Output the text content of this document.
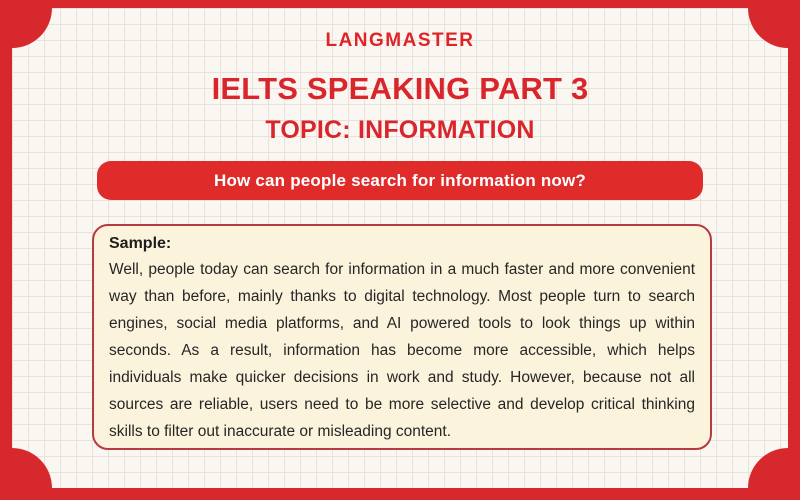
LANGMASTER
IELTS SPEAKING PART 3
TOPIC: INFORMATION
How can people search for information now?
Sample:

Well, people today can search for information in a much faster and more convenient way than before, mainly thanks to digital technology. Most people turn to search engines, social media platforms, and AI powered tools to look things up within seconds. As a result, information has become more accessible, which helps individuals make quicker decisions in work and study. However, because not all sources are reliable, users need to be more selective and develop critical thinking skills to filter out inaccurate or misleading content.
